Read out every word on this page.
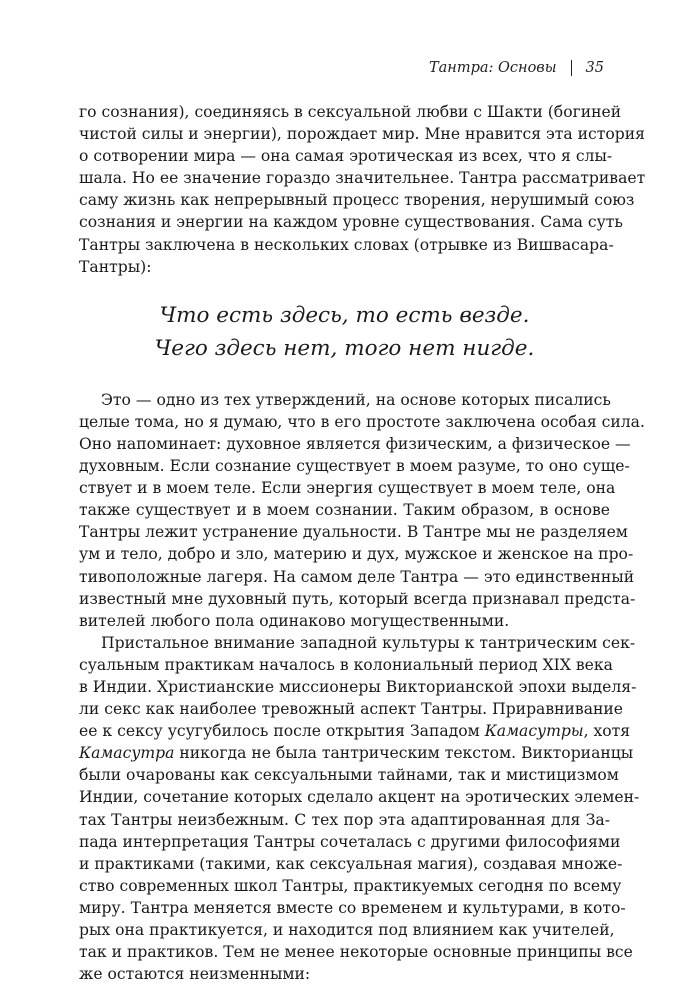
Тантра: Основы 35
го сознания), соединяясь в сексуальной любви с Шакти (богиней
чистой силы и энергии), порождает мир. Мне нравится эта история
о сотворении мира — она самая эротическая из всех, что я слы-
шала. Но ее значение гораздо значительнее. Тантра рассматривает
саму жизнь как непрерывный процесс творения, нерушимый союз
сознания и энергии на каждом уровне существования. Сама суть
Тантры заключена в нескольких словах (отрывке из Вишвасара-
Тантры):
Что есть здесь, то есть везде.
Чего здесь нет, того нет нигде.
Это — одно из тех утверждений, на основе которых писались
целые тома, но я думаю, что в его простоте заключена особая сила.
Оно напоминает: духовное является физическим, а физическое —
духовным. Если сознание существует в моем разуме, то оно суще-
ствует и в моем теле. Если энергия существует в моем теле, она
также существует и в моем сознании. Таким образом, в основе
Тантры лежит устранение дуальности. В Тантре мы не разделяем
ум и тело, добро и зло, материю и дух, мужское и женское на про-
тивоположные лагеря. На самом деле Тантра — это единственный
известный мне духовный путь, который всегда признавал предста-
вителей любого пола одинаково могущественными.
Пристальное внимание западной культуры к тантрическим сек-
суальным практикам началось в колониальный период XIX века
в Индии. Христианские миссионеры Викторианской эпохи выделя-
ли секс как наиболее тревожный аспект Тантры. Приравнивание
ее к сексу усугубилось после открытия Западом Камасутры, хотя
Камасутра никогда не была тантрическим текстом. Викторианцы
были очарованы как сексуальными тайнами, так и мистицизмом
Индии, сочетание которых сделало акцент на эротических элемен-
тах Тантры неизбежным. С тех пор эта адаптированная для За-
пада интерпретация Тантры сочеталась с другими философиями
и практиками (такими, как сексуальная магия), создавая множе-
ство современных школ Тантры, практикуемых сегодня по всему
миру. Тантра меняется вместе со временем и культурами, в кото-
рых она практикуется, и находится под влиянием как учителей,
так и практиков. Тем не менее некоторые основные принципы все
же остаются неизменными:
